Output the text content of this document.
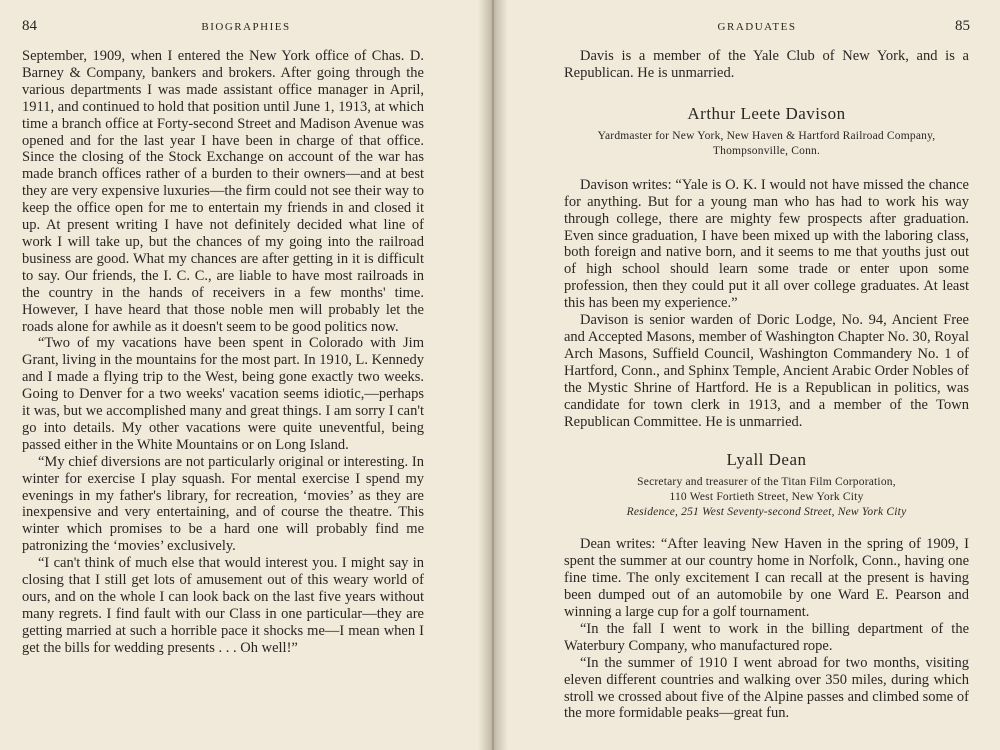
84	BIOGRAPHIES

September, 1909, when I entered the New York office of Chas. D. Barney & Company, bankers and brokers. After going through the various departments I was made assistant office manager in April, 1911, and continued to hold that position until June 1, 1913, at which time a branch office at Forty-second Street and Madison Avenue was opened and for the last year I have been in charge of that office. Since the closing of the Stock Exchange on account of the war has made branch offices rather of a burden to their owners—and at best they are very expensive luxuries—the firm could not see their way to keep the office open for me to entertain my friends in and closed it up. At present writing I have not definitely decided what line of work I will take up, but the chances of my going into the railroad business are good. What my chances are after getting in it is difficult to say. Our friends, the I. C. C., are liable to have most railroads in the country in the hands of receivers in a few months' time. However, I have heard that those noble men will probably let the roads alone for awhile as it doesn't seem to be good politics now.

“Two of my vacations have been spent in Colorado with Jim Grant, living in the mountains for the most part. In 1910, L. Kennedy and I made a flying trip to the West, being gone exactly two weeks. Going to Denver for a two weeks' vacation seems idiotic,—perhaps it was, but we accomplished many and great things. I am sorry I can't go into details. My other vacations were quite uneventful, being passed either in the White Mountains or on Long Island.

“My chief diversions are not particularly original or interesting. In winter for exercise I play squash. For mental exercise I spend my evenings in my father's library, for recreation, ‘movies’ as they are inexpensive and very entertaining, and of course the theatre. This winter which promises to be a hard one will probably find me patronizing the ‘movies’ exclusively.

“I can't think of much else that would interest you. I might say in closing that I still get lots of amusement out of this weary world of ours, and on the whole I can look back on the last five years without many regrets. I find fault with our Class in one particular—they are getting married at such a horrible pace it shocks me—I mean when I get the bills for wedding presents . . . Oh well!”

GRADUATES	85

Davis is a member of the Yale Club of New York, and is a Republican. He is unmarried.

Arthur Leete Davison
Yardmaster for New York, New Haven & Hartford Railroad Company,
Thompsonville, Conn.

Davison writes: “Yale is O. K. I would not have missed the chance for anything. But for a young man who has had to work his way through college, there are mighty few prospects after graduation. Even since graduation, I have been mixed up with the laboring class, both foreign and native born, and it seems to me that youths just out of high school should learn some trade or enter upon some profession, then they could put it all over college graduates. At least this has been my experience.”

Davison is senior warden of Doric Lodge, No. 94, Ancient Free and Accepted Masons, member of Washington Chapter No. 30, Royal Arch Masons, Suffield Council, Washington Commandery No. 1 of Hartford, Conn., and Sphinx Temple, Ancient Arabic Order Nobles of the Mystic Shrine of Hartford. He is a Republican in politics, was candidate for town clerk in 1913, and a member of the Town Republican Committee. He is unmarried.

Lyall Dean
Secretary and treasurer of the Titan Film Corporation,
110 West Fortieth Street, New York City
Residence, 251 West Seventy-second Street, New York City

Dean writes: “After leaving New Haven in the spring of 1909, I spent the summer at our country home in Norfolk, Conn., having one fine time. The only excitement I can recall at the present is having been dumped out of an automobile by one Ward E. Pearson and winning a large cup for a golf tournament.

“In the fall I went to work in the billing department of the Waterbury Company, who manufactured rope.

“In the summer of 1910 I went abroad for two months, visiting eleven different countries and walking over 350 miles, during which stroll we crossed about five of the Alpine passes and climbed some of the more formidable peaks—great fun.
